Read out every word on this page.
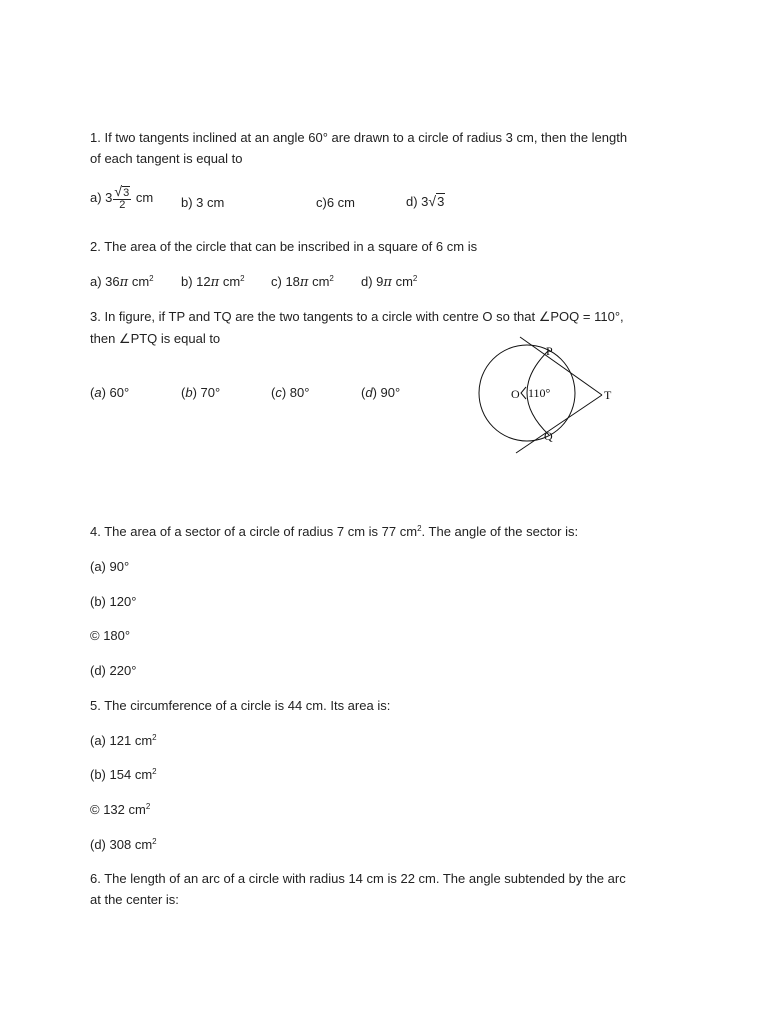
1. If two tangents inclined at an angle 60° are drawn to a circle of radius 3 cm, then the length
of each tangent is equal to
a) $3 \frac{√3}{2}$ cm b) 3 cm	c)6 cm	d) 3√3
2. The area of the circle that can be inscribed in a square of 6 cm is
a) 36π $cm^2$ b) 12π $cm^2$ c) 18π $cm^2$ d) 9π $cm^2$
3. In figure, if TP and TQ are the two tangents to a circle with centre O so that ∠POQ = 110°,
then ∠PTQ is equal to
(a) 60°	(b) 70°	(c) 80°	(d) 90°
P
Q
O 110°	T
4. The area of a sector of a circle of radius 7 cm is 77 $cm^2$. The angle of the sector is:
(a) 90°
(b) 120°
© 180°
(d) 220°
5. The circumference of a circle is 44 cm. Its area is:
(a) 121 $cm^2$
(b) 154 $cm^2$
© 132 $cm^2$
(d) 308 $cm^2$
6. The length of an arc of a circle with radius 14 cm is 22 cm. The angle subtended by the arc
at the center is:
